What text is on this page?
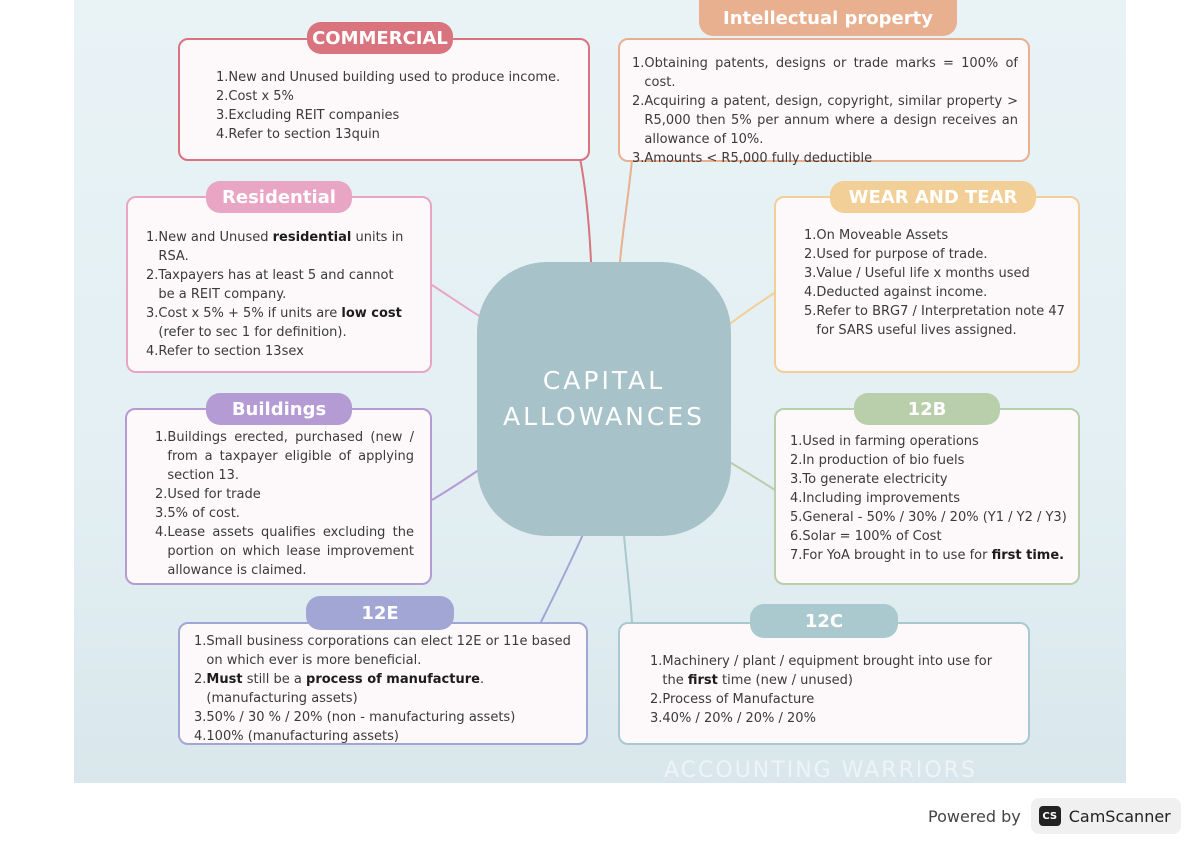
1. New and Unused building used to produce income.
2. Cost x 5%
3. Excluding REIT companies
4. Refer to section 13quin
COMMERCIAL
1. Obtaining patents, designs or trade marks = 100% of cost.
2. Acquiring a patent, design, copyright, similar property > R5,000 then 5% per annum where a design receives an allowance of 10%.
3. Amounts < R5,000 fully deductible
Intellectual property
1. New and Unused residential units in RSA.
2. Taxpayers has at least 5 and cannot be a REIT company.
3. Cost x 5% + 5% if units are low cost (refer to sec 1 for definition).
4. Refer to section 13sex
Residential
1. On Moveable Assets
2. Used for purpose of trade.
3. Value / Useful life x months used
4. Deducted against income.
5. Refer to BRG7 / Interpretation note 47 for SARS useful lives assigned.
WEAR AND TEAR
CAPITAL
ALLOWANCES
1. Buildings erected, purchased (new / from a taxpayer eligible of applying section 13.
2. Used for trade
3. 5% of cost.
4. Lease assets qualifies excluding the portion on which lease improvement allowance is claimed.
Buildings
1. Used in farming operations
2. In production of bio fuels
3. To generate electricity
4. Including improvements
5. General - 50% / 30% / 20% (Y1 / Y2 / Y3)
6. Solar = 100% of Cost
7. For YoA brought in to use for first time.
12B
1. Small business corporations can elect 12E or 11e based on which ever is more beneficial.
2. Must still be a process of manufacture. (manufacturing assets)
3. 50% / 30 % / 20% (non - manufacturing assets)
4. 100% (manufacturing assets)
12E
1. Machinery / plant / equipment brought into use for the first time (new / unused)
2. Process of Manufacture
3. 40% / 20% / 20% / 20%
12C
ACCOUNTING WARRIORS
Powered by	CS CamScanner
